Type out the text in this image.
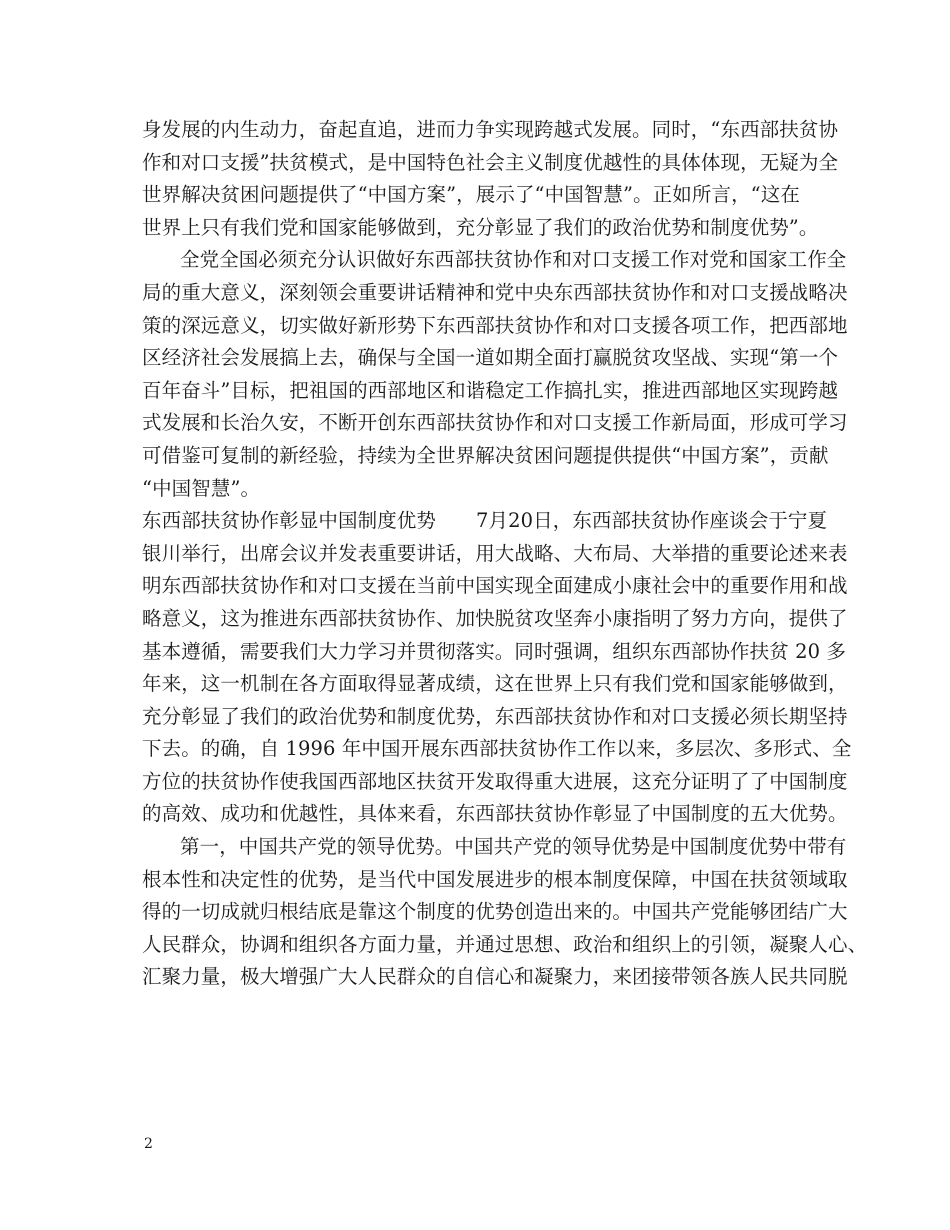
身发展的内生动力，奋起直追，进而力争实现跨越式发展。同时，“东西部扶贫协
作和对口支援”扶贫模式，是中国特色社会主义制度优越性的具体体现，无疑为全
世界解决贫困问题提供了“中国方案”，展示了“中国智慧”。正如所言，“这在
世界上只有我们党和国家能够做到，充分彰显了我们的政治优势和制度优势”。
全党全国必须充分认识做好东西部扶贫协作和对口支援工作对党和国家工作全
局的重大意义，深刻领会重要讲话精神和党中央东西部扶贫协作和对口支援战略决
策的深远意义，切实做好新形势下东西部扶贫协作和对口支援各项工作，把西部地
区经济社会发展搞上去，确保与全国一道如期全面打赢脱贫攻坚战、实现“第一个
百年奋斗”目标，把祖国的西部地区和谐稳定工作搞扎实，推进西部地区实现跨越
式发展和长治久安，不断开创东西部扶贫协作和对口支援工作新局面，形成可学习
可借鉴可复制的新经验，持续为全世界解决贫困问题提供提供“中国方案”，贡献
“中国智慧”。
东西部扶贫协作彰显中国制度优势 7月20日，东西部扶贫协作座谈会于宁夏
银川举行，出席会议并发表重要讲话，用大战略、大布局、大举措的重要论述来表
明东西部扶贫协作和对口支援在当前中国实现全面建成小康社会中的重要作用和战
略意义，这为推进东西部扶贫协作、加快脱贫攻坚奔小康指明了努力方向，提供了
基本遵循，需要我们大力学习并贯彻落实。同时强调，组织东西部协作扶贫 20 多
年来，这一机制在各方面取得显著成绩，这在世界上只有我们党和国家能够做到，
充分彰显了我们的政治优势和制度优势，东西部扶贫协作和对口支援必须长期坚持
下去。的确，自 1996 年中国开展东西部扶贫协作工作以来，多层次、多形式、全
方位的扶贫协作使我国西部地区扶贫开发取得重大进展，这充分证明了了中国制度
的高效、成功和优越性，具体来看，东西部扶贫协作彰显了中国制度的五大优势。
第一，中国共产党的领导优势。中国共产党的领导优势是中国制度优势中带有
根本性和决定性的优势，是当代中国发展进步的根本制度保障，中国在扶贫领域取
得的一切成就归根结底是靠这个制度的优势创造出来的。中国共产党能够团结广大
人民群众，协调和组织各方面力量，并通过思想、政治和组织上的引领，凝聚人心、
汇聚力量，极大增强广大人民群众的自信心和凝聚力，来团接带领各族人民共同脱
2
